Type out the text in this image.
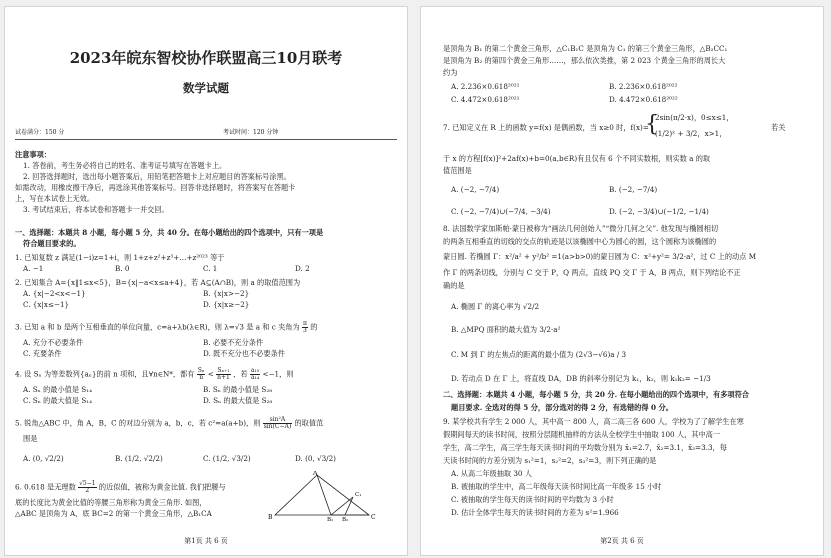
2023年皖东智校协作联盟高三10月联考
数学试题
试卷满分：150 分	考试时间：120 分钟
注意事项：
1. 答卷前，考生务必将自己的姓名、准考证号填写在答题卡上。
2. 回答选择题时，选出每小题答案后，用铅笔把答题卡上对应题目的答案标号涂黑。
如需改动，用橡皮擦干净后，再选涂其他答案标号。回答非选择题时，将答案写在答题卡
上，写在本试卷上无效。
3. 考试结束后，将本试卷和答题卡一并交回。
一、选择题：本题共 8 小题，每小题 5 分，共 40 分。在每小题给出的四个选项中，只有一项是
符合题目要求的。
1. 已知复数 z 满足(1−i)z=1+i，则 1+z+z²+z³+…+z²⁰²³ 等于
A. −1	B. 0	C. 1	D. 2
2. 已知集合 A={x‖1≤x<5}，B={x|−a<x≤a+4}，若 A⊆(A∩B)，则 a 的取值范围为
A. {x|−2<x<−1}	B. {x|x>−2}
C. {x|x≤−1}	D. {x|x≥−2}
3. 已知 a 和 b 是两个互相垂直的单位向量，c=a+λb(λ∈R)，则 λ=√3 是 a 和 c 夹角为 $\frac{\pi}{3}$ 的
A. 充分不必要条件	B. 必要不充分条件
C. 充要条件	D. 既不充分也不必要条件
4. 设 Sₙ 为等差数列{aₙ}的前 n 项和，且∀n∈N*，都有 $\frac{\text{Sₙ}}{n} < \frac{\text{Sₙ₊₁}}{n+1}$ ，若 $\frac{\text{a₁₅}}{\text{a₁₄}} <-1$，则
A. Sₙ 的最小值是 S₁₄	B. Sₙ 的最小值是 S₂₈
C. Sₙ 的最大值是 S₁₄	D. Sₙ 的最大值是 S₂₈
5. 锐角△ABC 中，角 A，B，C 的对边分别为 a，b，c，若 c²=a(a+b)，则 $\frac{\text{sin²A}}{\sin(C-A)}$ 的取值范
围是
A. (0, √2/2)	B. (1/2, √2/2)	C. (1/2, √3/2)	D. (0, √3/2)
6. 0.618 是无理数 $\frac{√5-1}{2}$ 的近似值，被称为黄金比值. 我们把腰与
底的长度比为黄金比值的等腰三角形称为黄金三角形. 如图，
△ABC 是顶角为 A，底 BC=2 的第一个黄金三角形，△B₁CA
A
B	C
B₁ B₂
C₁
第1页 共 6 页
是顶角为 B₁ 的第二个黄金三角形，△C₁B₁C 是顶角为 C₁ 的第三个黄金三角形，△B₂CC₁
是顶角为 B₂ 的第四个黄金三角形……，那么依次类推，第 2 023 个黄金三角形的周长大
约为
A. 2.236×0.618²⁰²¹	B. 2.236×0.618²⁰²²
C. 4.472×0.618²⁰²¹	D. 4.472×0.618²⁰²²
7. 已知定义在 R 上的函数 y=f(x) 是偶函数，当 x≥0 时，f(x)=
{
2sin(π/2·x)，0≤x≤1，
(1/2)ˣ + 3/2，x>1，
若关
于 x 的方程[f(x)]²+2af(x)+b=0(a,b∈R)有且仅有 6 个不同实数根，则实数 a 的取
值范围是
A. (−2, −7/4)	B. (−2, −7/4)
C. (−2, −7/4)∪(−7/4, −3/4)	D. (−2, −3/4)∪(−1/2, −1/4)
8. 法国数学家加斯帕·蒙日被称为“画法几何创始人”“微分几何之父”. 他发现与椭圆相切
的两条互相垂直的切线的交点的轨迹是以该椭圆中心为圆心的圆，这个圆称为该椭圆的
蒙日圆. 若椭圆 Γ：x²/a² + y²/b² =1(a>b>0)的蒙日圆为 C：x²+y²= 3/2·a²，过 C 上的动点 M
作 Γ 的两条切线，分别与 C 交于 P，Q 两点，直线 PQ 交 Γ 于 A，B 两点，则下列结论不正
确的是
A. 椭圆 Γ 的离心率为 √2/2
B. △MPQ 面积的最大值为 3/2·a²
C. M 到 Γ 的左焦点的距离的最小值为 (2√3−√6)a / 3
D. 若动点 D 在 Γ 上，将直线 DA，DB 的斜率分别记为 k₁，k₂，则 k₁k₂= −1/3
二、选择题：本题共 4 小题，每小题 5 分，共 20 分. 在每小题给出的四个选项中，有多项符合
题目要求. 全选对的得 5 分，部分选对的得 2 分，有选错的得 0 分。
9. 某学校共有学生 2 000 人，其中高一 800 人，高二高三各 600 人，学校为了了解学生在寒
假期间每天的读书时间，按照分层随机抽样的方法从全校学生中抽取 100 人，其中高一
学生，高二学生，高三学生每天读书时间的平均数分别为 x̄₁=2.7，x̄₂=3.1，x̄₃=3.3，每
天读书时间的方差分别为 s₁²=1，s₂²=2，s₃²=3，则下列正确的是
A. 从高二年级抽取 30 人
B. 被抽取的学生中，高二年级每天读书时间比高一年级多 15 小时
C. 被抽取的学生每天的读书时间的平均数为 3 小时
D. 估计全体学生每天的读书时间的方差为 s²=1.966
第2页 共 6 页
